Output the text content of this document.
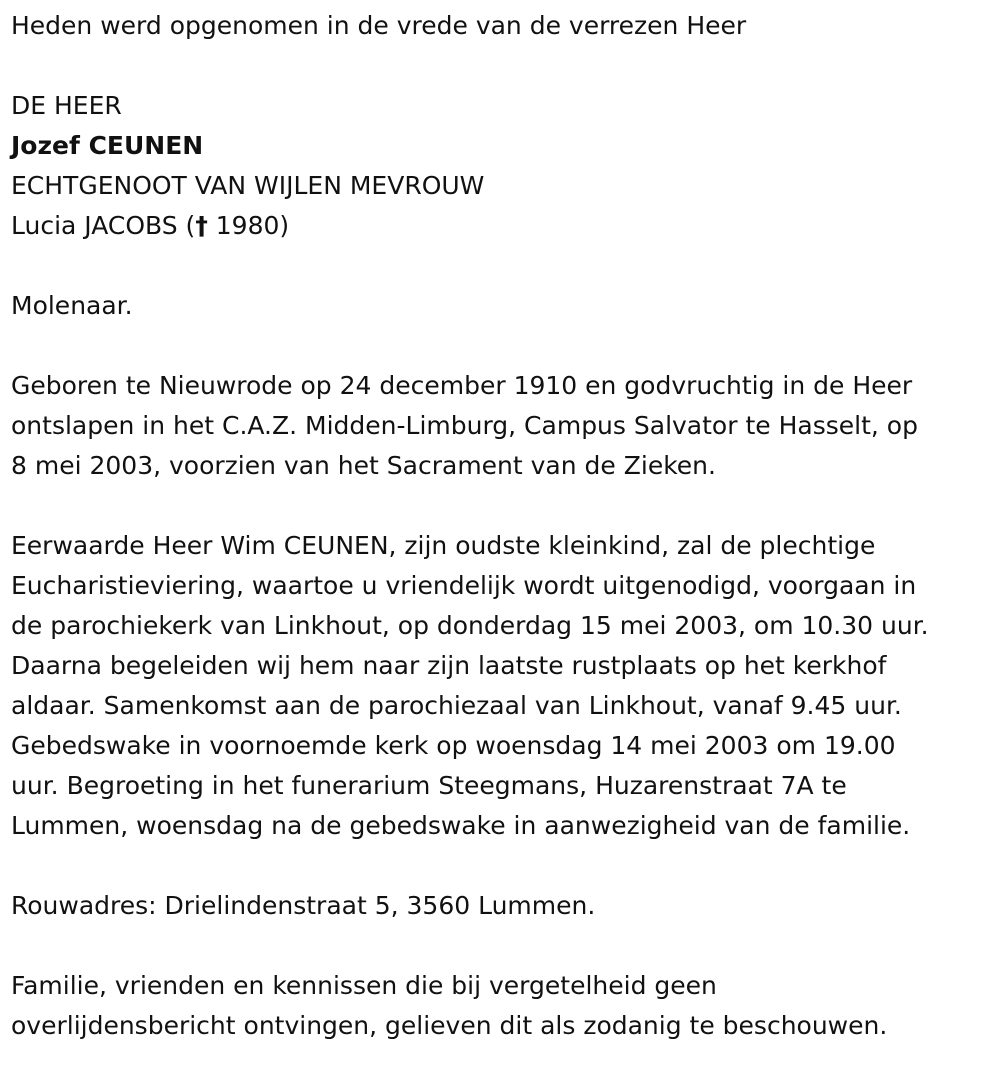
Heden werd opgenomen in de vrede van de verrezen Heer

DE HEER

Jozef CEUNEN

ECHTGENOOT VAN WIJLEN MEVROUW

Lucia JACOBS († 1980)

Molenaar.

Geboren te Nieuwrode op 24 december 1910 en godvruchtig in de Heer

ontslapen in het C.A.Z. Midden-Limburg, Campus Salvator te Hasselt, op

8 mei 2003, voorzien van het Sacrament van de Zieken.

Eerwaarde Heer Wim CEUNEN, zijn oudste kleinkind, zal de plechtige

Eucharistieviering, waartoe u vriendelijk wordt uitgenodigd, voorgaan in

de parochiekerk van Linkhout, op donderdag 15 mei 2003, om 10.30 uur.

Daarna begeleiden wij hem naar zijn laatste rustplaats op het kerkhof

aldaar. Samenkomst aan de parochiezaal van Linkhout, vanaf 9.45 uur.

Gebedswake in voornoemde kerk op woensdag 14 mei 2003 om 19.00

uur. Begroeting in het funerarium Steegmans, Huzarenstraat 7A te

Lummen, woensdag na de gebedswake in aanwezigheid van de familie.

Rouwadres: Drielindenstraat 5, 3560 Lummen.

Familie, vrienden en kennissen die bij vergetelheid geen

overlijdensbericht ontvingen, gelieven dit als zodanig te beschouwen.
